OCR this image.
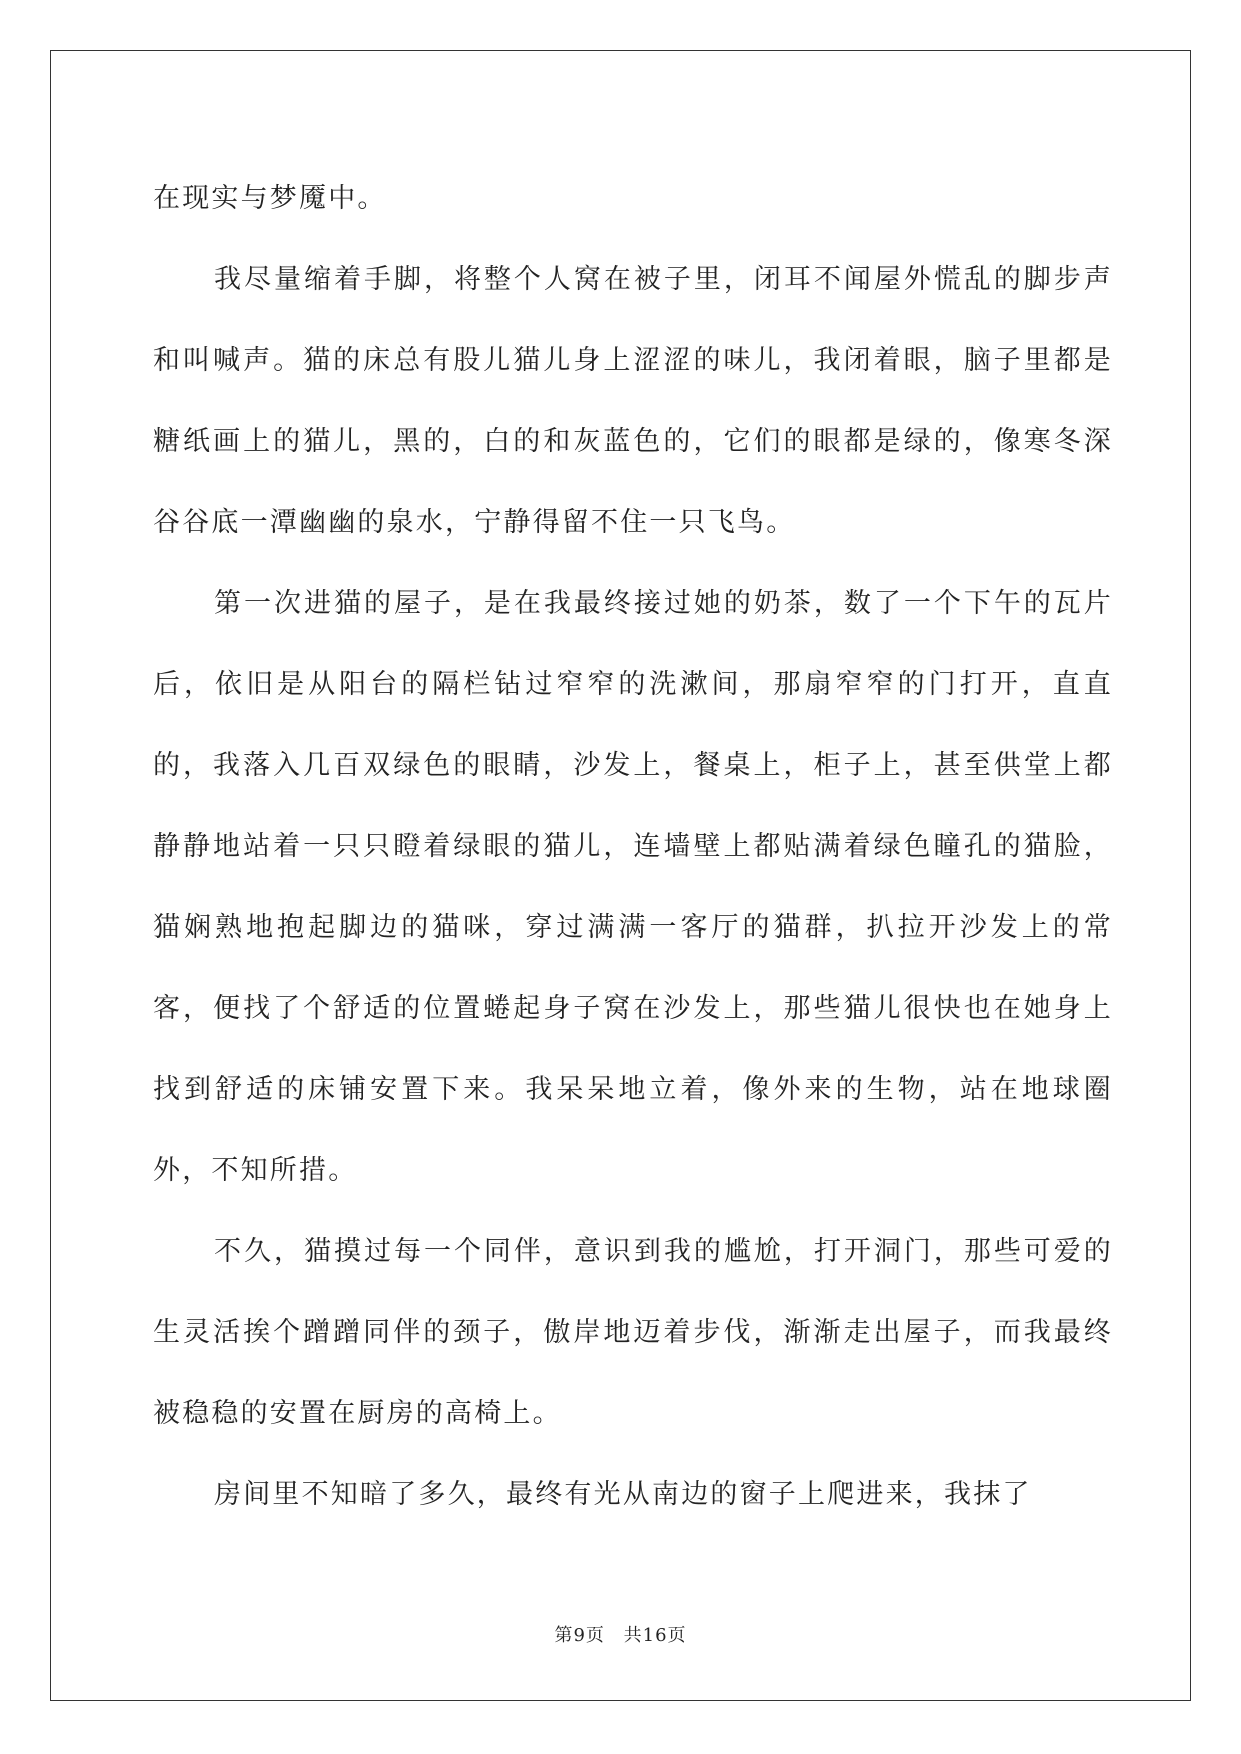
在现实与梦魇中。

我尽量缩着手脚，将整个人窝在被子里，闭耳不闻屋外慌乱的脚步声和叫喊声。猫的床总有股儿猫儿身上涩涩的味儿，我闭着眼，脑子里都是糖纸画上的猫儿，黑的，白的和灰蓝色的，它们的眼都是绿的，像寒冬深谷谷底一潭幽幽的泉水，宁静得留不住一只飞鸟。

第一次进猫的屋子，是在我最终接过她的奶茶，数了一个下午的瓦片后，依旧是从阳台的隔栏钻过窄窄的洗漱间，那扇窄窄的门打开，直直的，我落入几百双绿色的眼睛，沙发上，餐桌上，柜子上，甚至供堂上都静静地站着一只只瞪着绿眼的猫儿，连墙壁上都贴满着绿色瞳孔的猫脸，猫娴熟地抱起脚边的猫咪，穿过满满一客厅的猫群，扒拉开沙发上的常客，便找了个舒适的位置蜷起身子窝在沙发上，那些猫儿很快也在她身上找到舒适的床铺安置下来。我呆呆地立着，像外来的生物，站在地球圈外，不知所措。

不久，猫摸过每一个同伴，意识到我的尴尬，打开洞门，那些可爱的生灵活挨个蹭蹭同伴的颈子，傲岸地迈着步伐，渐渐走出屋子，而我最终被稳稳的安置在厨房的高椅上。

房间里不知暗了多久，最终有光从南边的窗子上爬进来，我抹了

第9页 共16页
